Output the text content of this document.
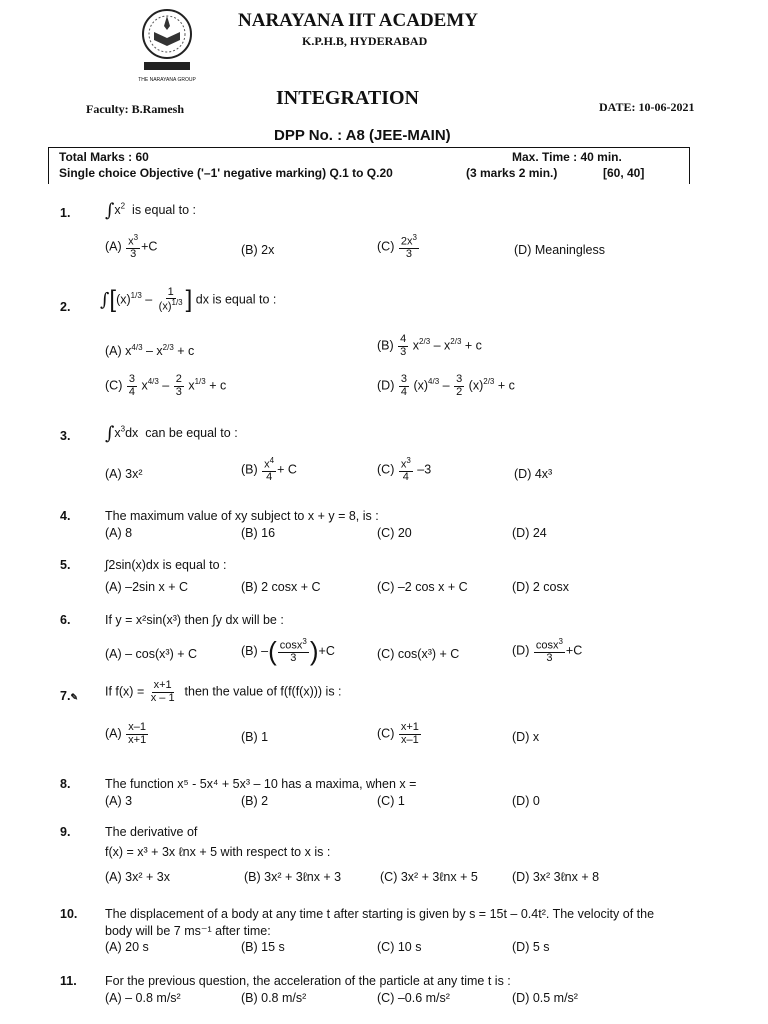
THE NARAYANA GROUP
NARAYANA IIT ACADEMY
K.P.H.B, HYDERABAD
Faculty: B.Ramesh	INTEGRATION	DATE: 10-06-2021
DPP No. : A8 (JEE-MAIN)
Total Marks : 60	Max. Time : 40 min.
Single choice Objective ('–1' negative marking) Q.1 to Q.20	(3 marks 2 min.)	[60, 40]
1. $\int x^2$ is equal to :
$(A) \frac{x^3}{3} +C$	(B) 2x	$(C) \frac{2x^3}{3}$	(D) Meaningless
2. $\int[(x)^{1/3} - \frac{1}{(x)^{1/3}}$ ] dx is equal to :
(A) $x^{4/3} - x^{2/3} + c$	$(B) \frac{4}{3} x^{2/3} - x^{2/3} + c$
$(C) \frac{3}{4} x^{4/3} - \frac{2}{3} x^{1/3} + c$	$(D) \frac{3}{4} (x)^{4/3} - \frac{3}{2} (x)^{2/3} + c$
3. $\int x^3dx$  can be equal to :
(A) 3x²	$(B) \frac{x^4}{4} + C$	$(C) \frac{x^3}{4} -3$	(D) 4x³
4.	The maximum value of xy subject to x + y = 8, is :
(A) 8	(B) 16	(C) 20	(D) 24
5.	∫2sin(x)dx is equal to :
(A) –2sin x + C	(B) 2 cosx + C	(C) –2 cos x + C	(D) 2 cosx
6.	If y = x²sin(x³) then ∫y dx will be :
(A) – cos(x³) + C	(B) –( $\frac{\cos x^3}{3} )+C$	(C) cos(x³) + C	$(D) \frac{\cos x^3}{3} +C$
7.✎ If $f(x) = \frac{x+1}{x - 1}$ then the value of f(f(f(x))) is :
$(A) \frac{x-1}{x+1}$	(B) 1	$(C) \frac{x+1}{x-1}$	(D) x
8.	The function x⁵ - 5x⁴ + 5x³ – 10 has a maxima, when x =
(A) 3	(B) 2	(C) 1	(D) 0
9.	The derivative of
f(x) = x³ + 3x ℓnx + 5 with respect to x is :
(A) 3x² + 3x	(B) 3x² + 3ℓnx + 3	(C) 3x² + 3ℓnx + 5	(D) 3x² 3ℓnx + 8
10. The displacement of a body at any time t after starting is given by s = 15t – 0.4t². The velocity of the
body will be 7 ms⁻¹ after time:
(A) 20 s	(B) 15 s	(C) 10 s	(D) 5 s
11. For the previous question, the acceleration of the particle at any time t is :
(A) – 0.8 m/s²	(B) 0.8 m/s²	(C) –0.6 m/s²	(D) 0.5 m/s²
